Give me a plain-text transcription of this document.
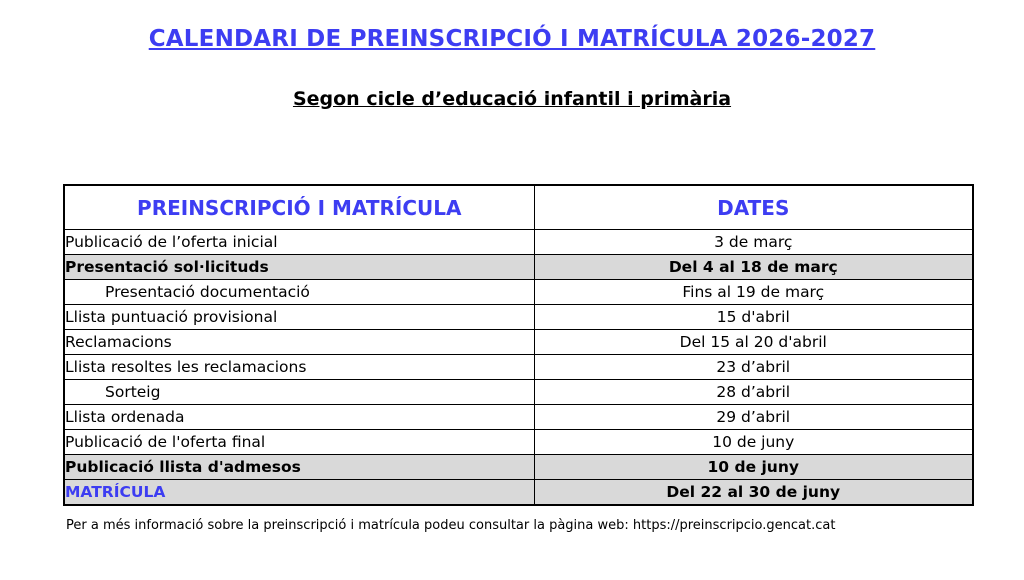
CALENDARI DE PREINSCRIPCIÓ I MATRÍCULA 2026-2027
Segon cicle d’educació infantil i primària
PREINSCRIPCIÓ I MATRÍCULA	DATES
Publicació de l’oferta inicial	3 de març
Presentació sol·licituds	Del 4 al 18 de març
Presentació documentació	Fins al 19 de març
Llista puntuació provisional	15 d'abril
Reclamacions	Del 15 al 20 d'abril
Llista resoltes les reclamacions	23 d’abril
Sorteig	28 d’abril
Llista ordenada	29 d’abril
Publicació de l'oferta final	10 de juny
Publicació llista d'admesos	10 de juny
MATRÍCULA	Del 22 al 30 de juny
Per a més informació sobre la preinscripció i matrícula podeu consultar la pàgina web: https://preinscripcio.gencat.cat
